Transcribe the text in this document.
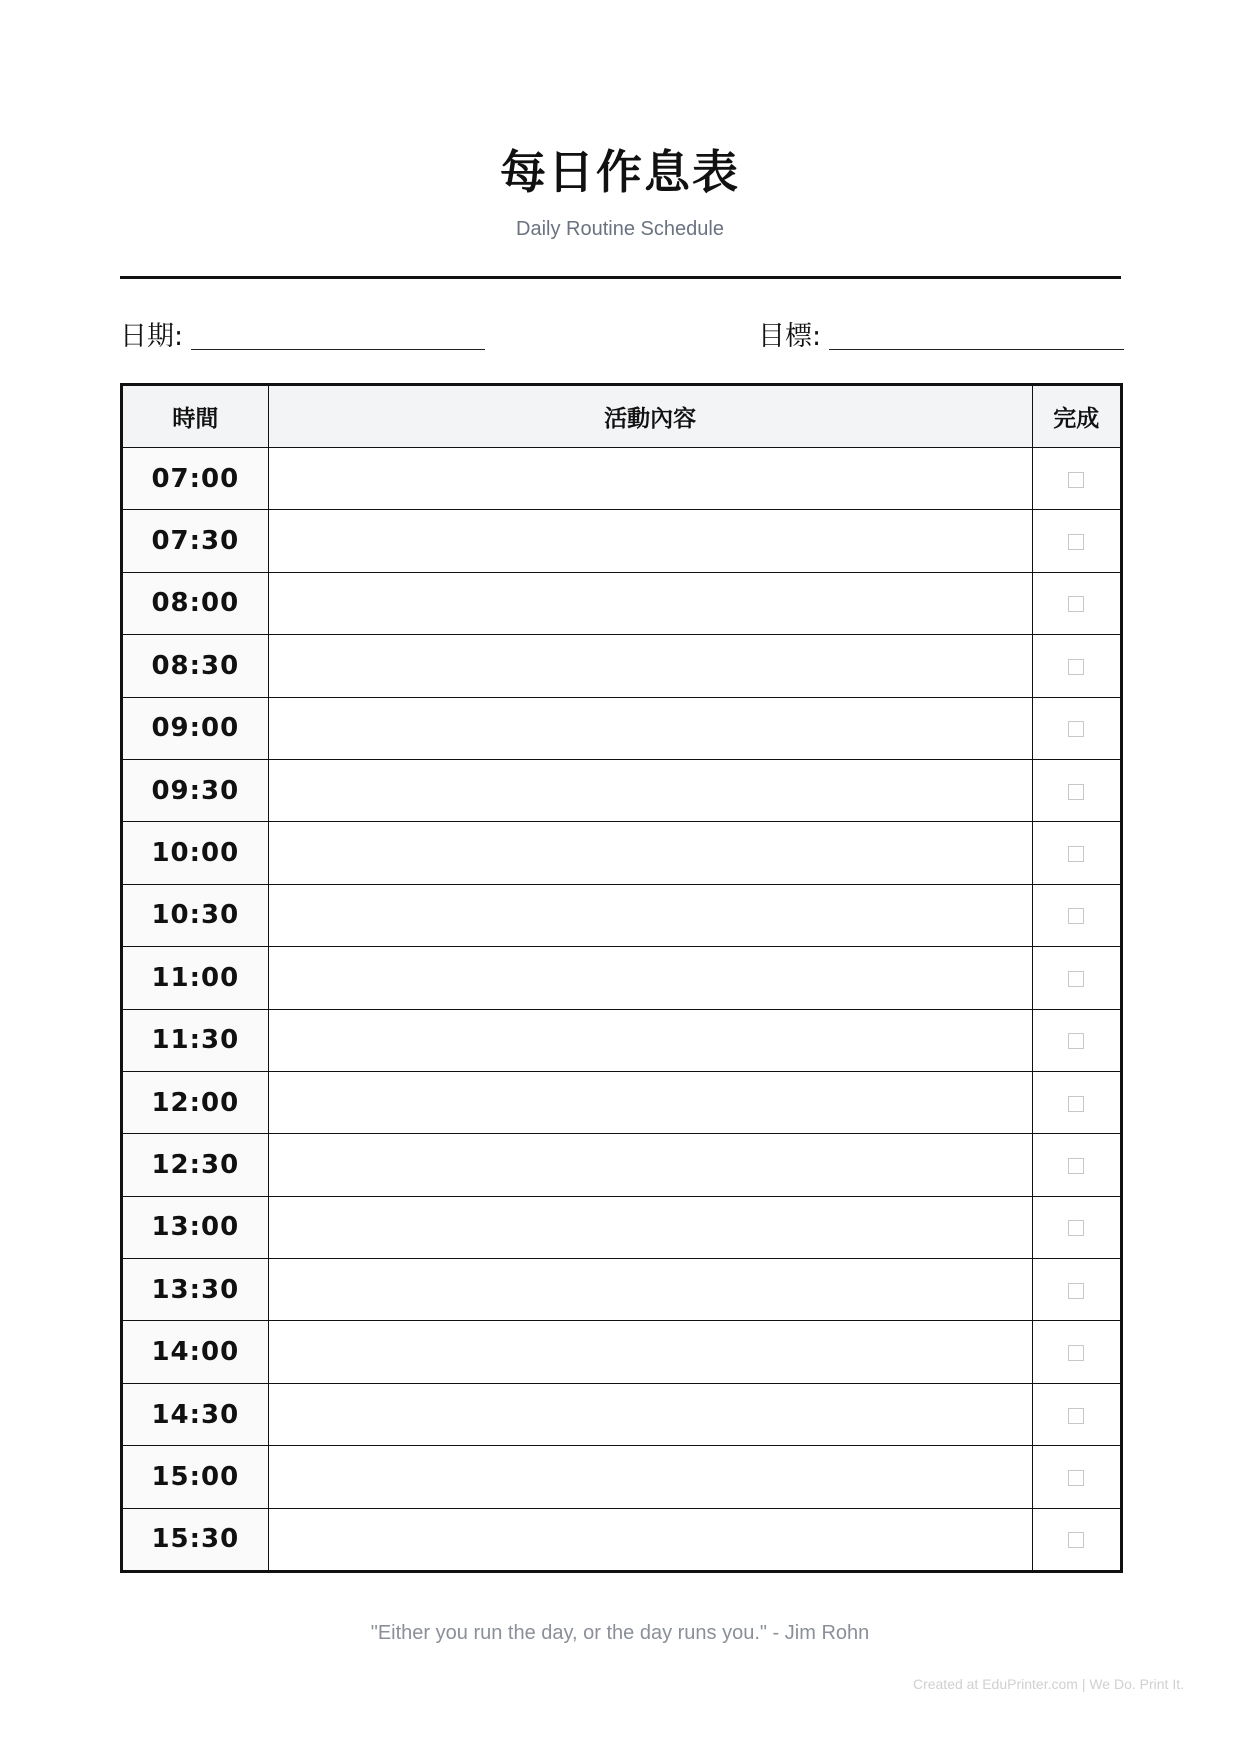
每日作息表
Daily Routine Schedule
日期:	目標:
時間	活動內容	完成
07:00		
07:30		
08:00		
08:30		
09:00		
09:30		
10:00		
10:30		
11:00		
11:30		
12:00		
12:30		
13:00		
13:30		
14:00		
14:30		
15:00		
15:30		
"Either you run the day, or the day runs you." - Jim Rohn
Created at EduPrinter.com | We Do. Print It.
